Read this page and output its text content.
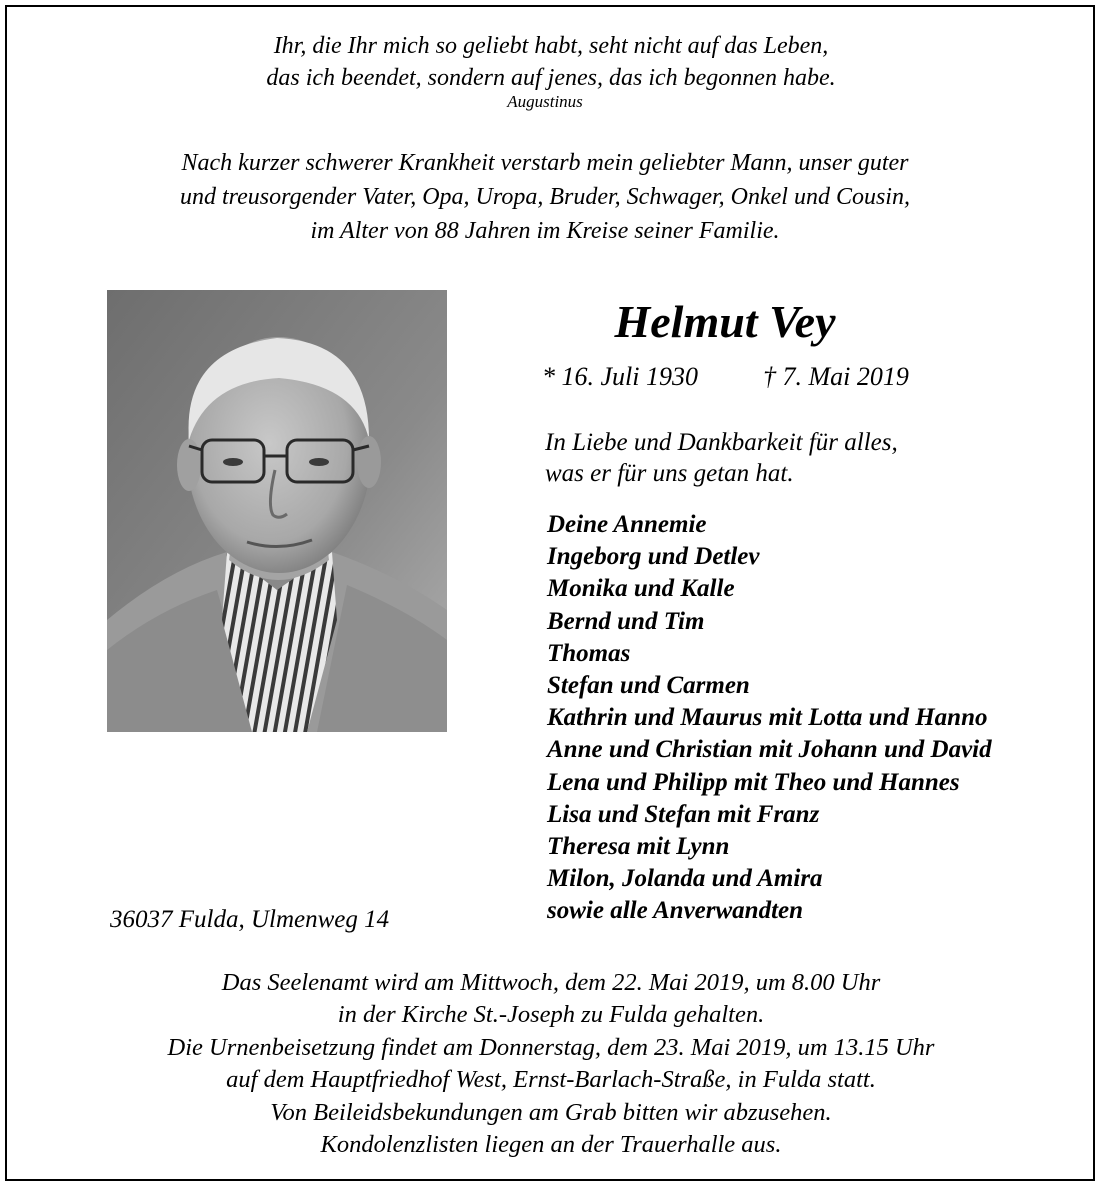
Ihr, die Ihr mich so geliebt habt, seht nicht auf das Leben,
das ich beendet, sondern auf jenes, das ich begonnen habe.
Augustinus
Nach kurzer schwerer Krankheit verstarb mein geliebter Mann, unser guter
und treusorgender Vater, Opa, Uropa, Bruder, Schwager, Onkel und Cousin,
im Alter von 88 Jahren im Kreise seiner Familie.
Helmut Vey
* 16. Juli 1930	† 7. Mai 2019
In Liebe und Dankbarkeit für alles,
was er für uns getan hat.
Deine Annemie
Ingeborg und Detlev
Monika und Kalle
Bernd und Tim
Thomas
Stefan und Carmen
Kathrin und Maurus mit Lotta und Hanno
Anne und Christian mit Johann und David
Lena und Philipp mit Theo und Hannes
Lisa und Stefan mit Franz
Theresa mit Lynn
Milon, Jolanda und Amira
sowie alle Anverwandten
36037 Fulda, Ulmenweg 14
Das Seelenamt wird am Mittwoch, dem 22. Mai 2019, um 8.00 Uhr
in der Kirche St.-Joseph zu Fulda gehalten.
Die Urnenbeisetzung findet am Donnerstag, dem 23. Mai 2019, um 13.15 Uhr
auf dem Hauptfriedhof West, Ernst-Barlach-Straße, in Fulda statt.
Von Beileidsbekundungen am Grab bitten wir abzusehen.
Kondolenzlisten liegen an der Trauerhalle aus.
